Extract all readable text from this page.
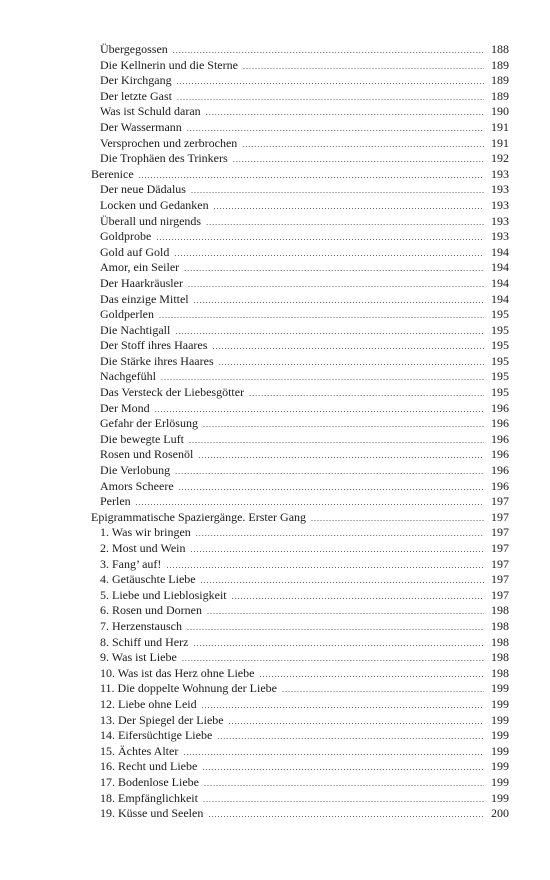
Übergegossen .....	188
Die Kellnerin und die Sterne .....	189
Der Kirchgang .....	189
Der letzte Gast .....	189
Was ist Schuld daran .....	190
Der Wassermann .....	191
Versprochen und zerbrochen .....	191
Die Trophäen des Trinkers .....	192
Berenice .....	193
Der neue Dädalus .....	193
Locken und Gedanken .....	193
Überall und nirgends .....	193
Goldprobe .....	193
Gold auf Gold .....	194
Amor, ein Seiler .....	194
Der Haarkräusler .....	194
Das einzige Mittel .....	194
Goldperlen .....	195
Die Nachtigall .....	195
Der Stoff ihres Haares .....	195
Die Stärke ihres Haares .....	195
Nachgefühl .....	195
Das Versteck der Liebesgötter .....	195
Der Mond .....	196
Gefahr der Erlösung .....	196
Die bewegte Luft .....	196
Rosen und Rosenöl .....	196
Die Verlobung .....	196
Amors Scheere .....	196
Perlen .....	197
Epigrammatische Spaziergänge. Erster Gang .....	197
1. Was wir bringen .....	197
2. Most und Wein .....	197
3. Fang’ auf! .....	197
4. Getäuschte Liebe .....	197
5. Liebe und Lieblosigkeit .....	197
6. Rosen und Dornen .....	198
7. Herzenstausch .....	198
8. Schiff und Herz .....	198
9. Was ist Liebe .....	198
10. Was ist das Herz ohne Liebe .....	198
11. Die doppelte Wohnung der Liebe .....	199
12. Liebe ohne Leid .....	199
13. Der Spiegel der Liebe .....	199
14. Eifersüchtige Liebe .....	199
15. Ächtes Alter .....	199
16. Recht und Liebe .....	199
17. Bodenlose Liebe .....	199
18. Empfänglichkeit .....	199
19. Küsse und Seelen .....	200
